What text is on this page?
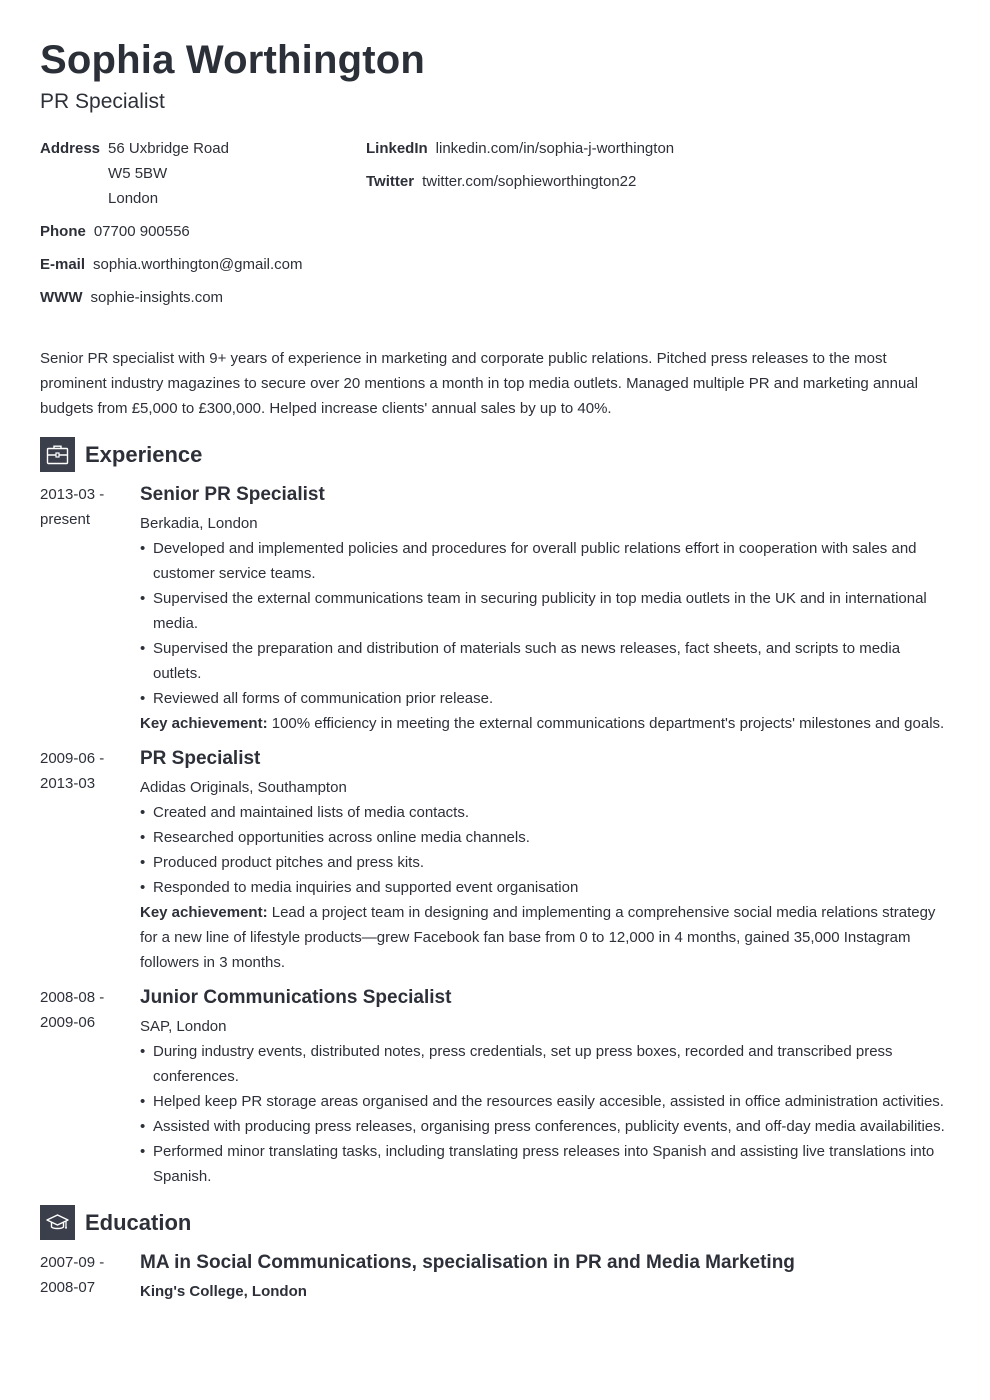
Sophia Worthington
PR Specialist
Address 56 Uxbridge Road
W5 5BW
London
Phone 07700 900556
E-mail sophia.worthington@gmail.com
WWW sophie-insights.com
LinkedIn linkedin.com/in/sophia-j-worthington
Twitter twitter.com/sophieworthington22

Senior PR specialist with 9+ years of experience in marketing and corporate public relations. Pitched press releases to the most prominent industry magazines to secure over 20 mentions a month in top media outlets. Managed multiple PR and marketing annual budgets from £5,000 to £300,000. Helped increase clients' annual sales by up to 40%.

Experience
2013-03 -
present
Senior PR Specialist
Berkadia, London
• Developed and implemented policies and procedures for overall public relations effort in cooperation with sales and customer service teams.
• Supervised the external communications team in securing publicity in top media outlets in the UK and in international media.
• Supervised the preparation and distribution of materials such as news releases, fact sheets, and scripts to media outlets.
• Reviewed all forms of communication prior release.
Key achievement: 100% efficiency in meeting the external communications department's projects' milestones and goals.
2009-06 -
2013-03
PR Specialist
Adidas Originals, Southampton
• Created and maintained lists of media contacts.
• Researched opportunities across online media channels.
• Produced product pitches and press kits.
• Responded to media inquiries and supported event organisation
Key achievement: Lead a project team in designing and implementing a comprehensive social media relations strategy for a new line of lifestyle products—grew Facebook fan base from 0 to 12,000 in 4 months, gained 35,000 Instagram followers in 3 months.
2008-08 -
2009-06
Junior Communications Specialist
SAP, London
• During industry events, distributed notes, press credentials, set up press boxes, recorded and transcribed press conferences.
• Helped keep PR storage areas organised and the resources easily accesible, assisted in office administration activities.
• Assisted with producing press releases, organising press conferences, publicity events, and off-day media availabilities.
• Performed minor translating tasks, including translating press releases into Spanish and assisting live translations into Spanish.
Education
2007-09 -
2008-07
MA in Social Communications, specialisation in PR and Media Marketing
King's College, London
